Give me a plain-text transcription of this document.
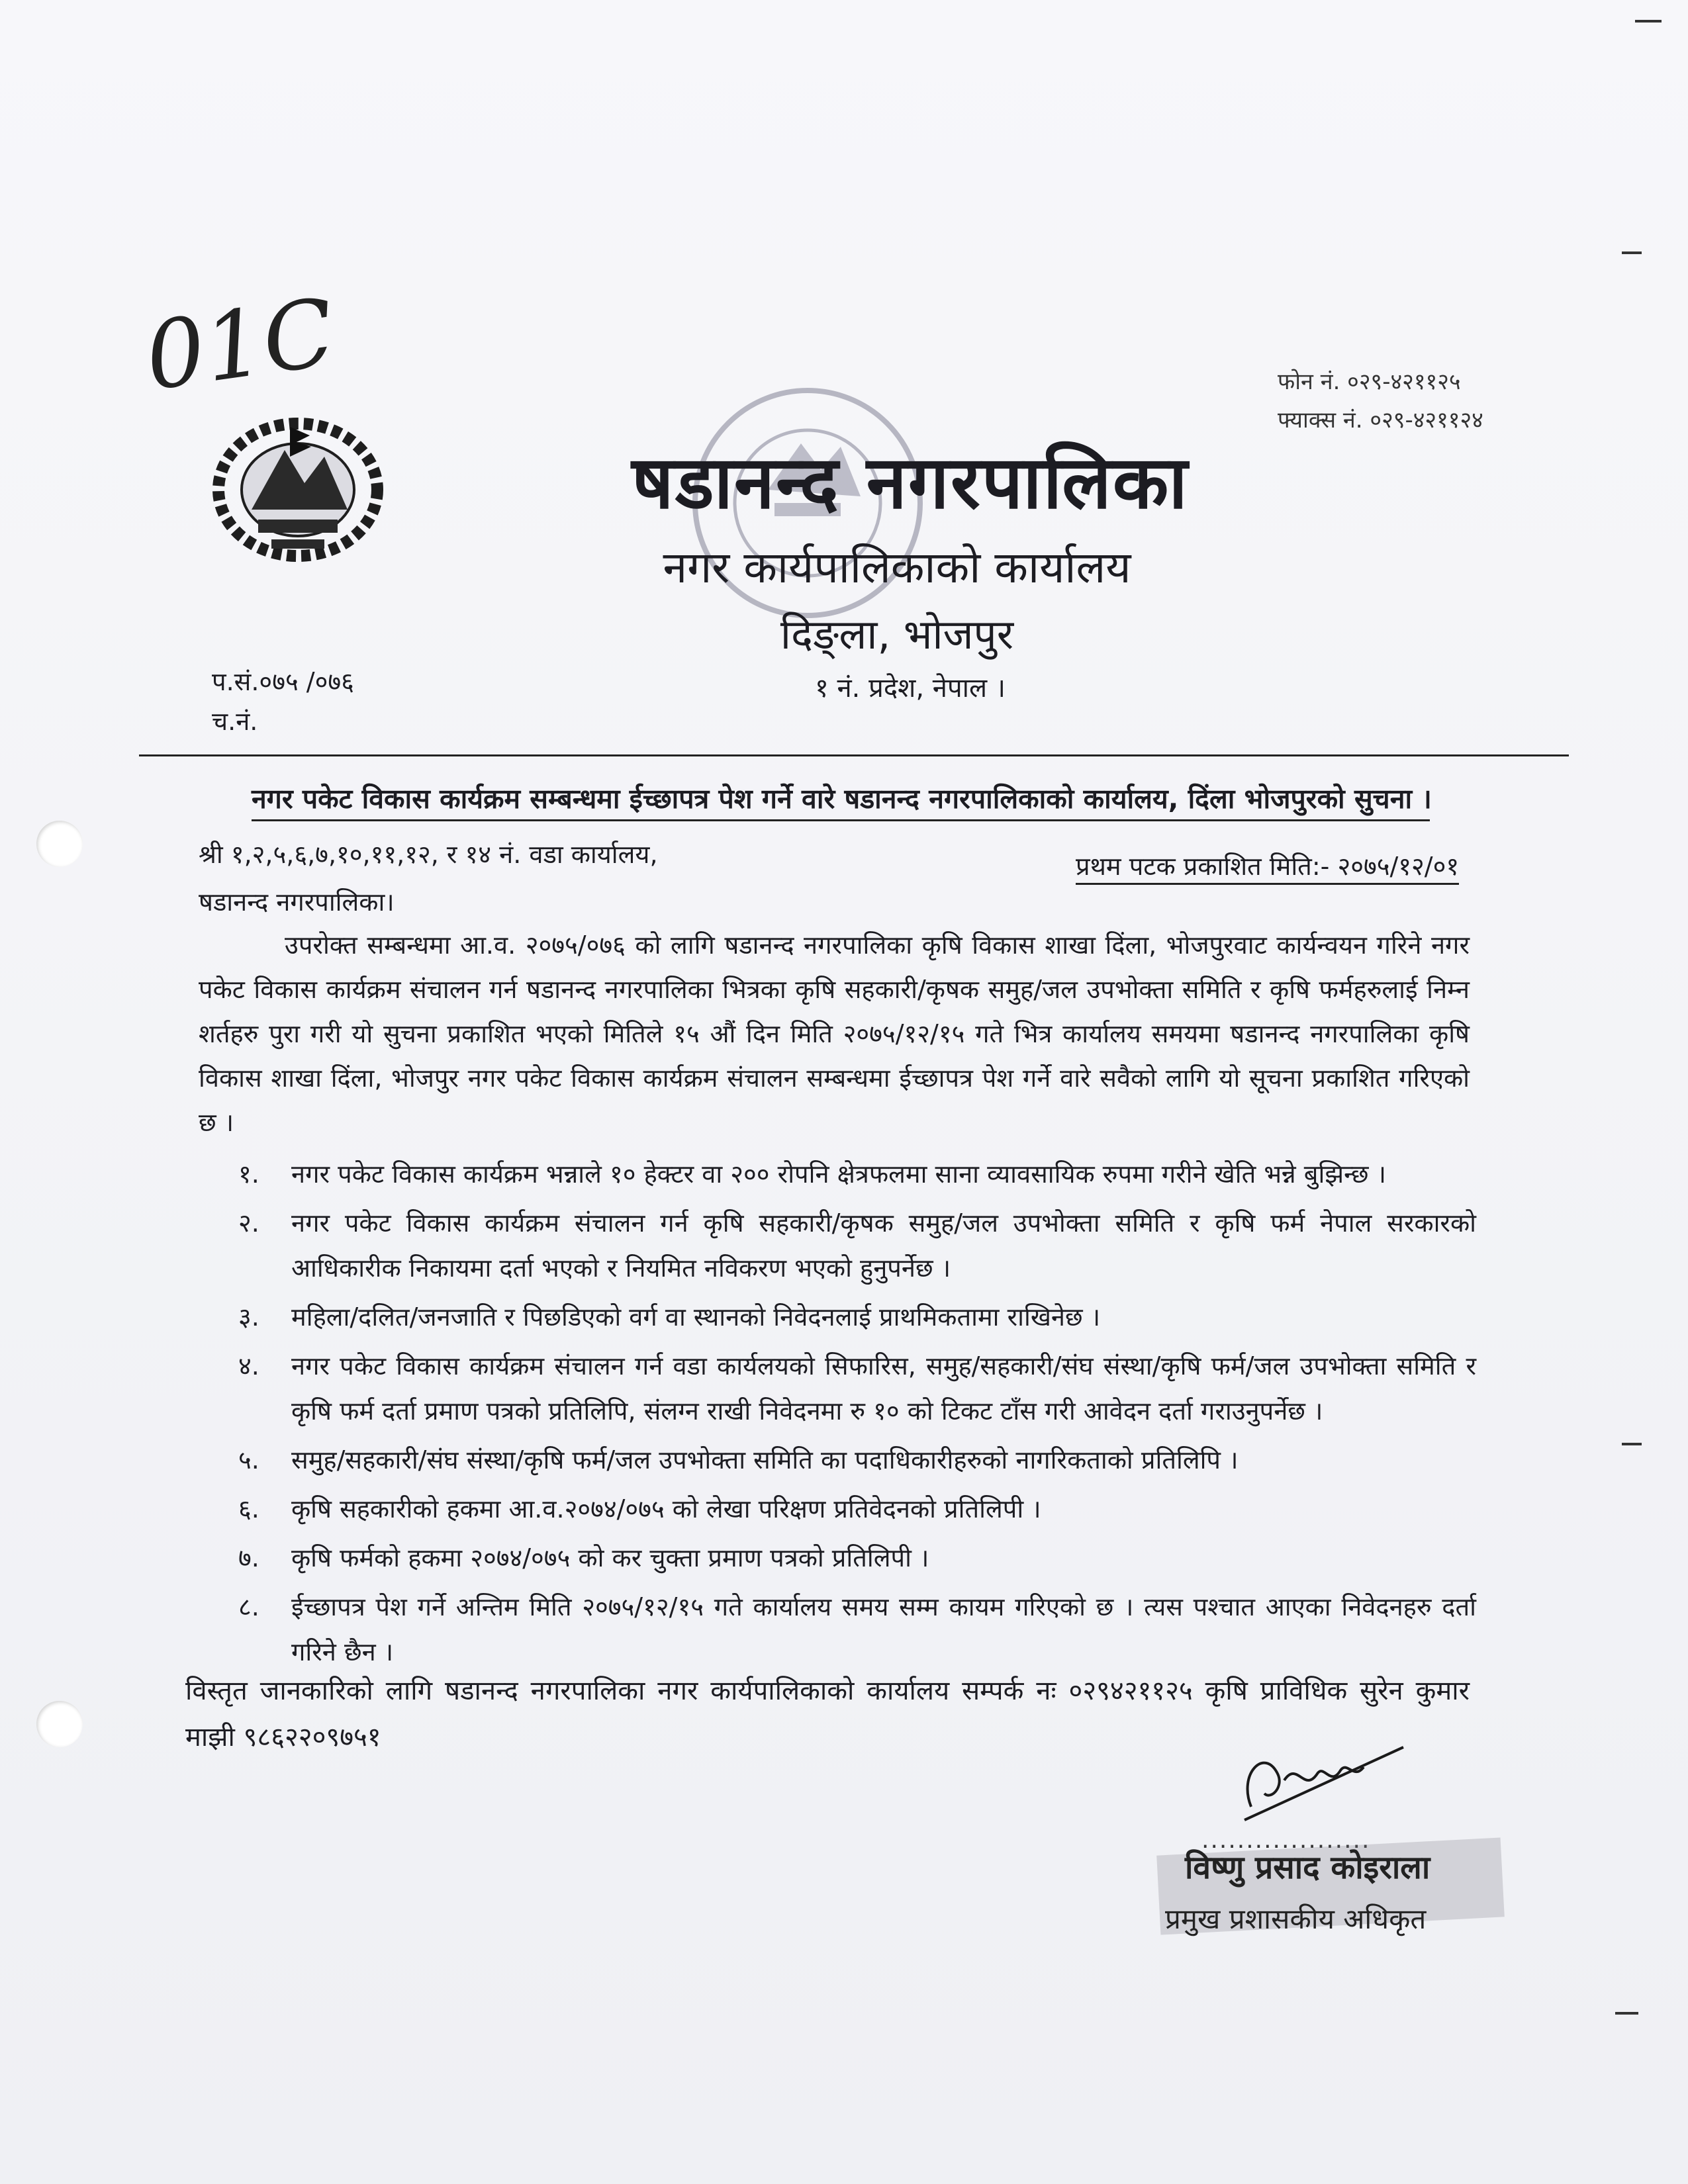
01C	फोन नं. ०२९-४२११२५
फ्याक्स नं. ०२९-४२११२४
षडानन्द नगरपालिका
नगर कार्यपालिकाको कार्यालय
दिङ्ला, भोजपुर
१ नं. प्रदेश, नेपाल ।
प.सं.०७५ /०७६
च.नं.
नगर पकेट विकास कार्यक्रम सम्बन्धमा ईच्छापत्र पेश गर्ने वारे षडानन्द नगरपालिकाको कार्यालय, दिंला भोजपुरको सुचना ।
श्री १,२,५,६,७,१०,११,१२, र १४ नं. वडा कार्यालय,
षडानन्द नगरपालिका।
प्रथम पटक प्रकाशित मिति:- २०७५/१२/०१
उपरोक्त सम्बन्धमा आ.व. २०७५/०७६ को लागि षडानन्द नगरपालिका कृषि विकास शाखा दिंला, भोजपुरवाट कार्यन्वयन गरिने नगर पकेट विकास कार्यक्रम संचालन गर्न षडानन्द नगरपालिका भित्रका कृषि सहकारी/कृषक समुह/जल उपभोक्ता समिति र कृषि फर्महरुलाई निम्न शर्तहरु पुरा गरी यो सुचना प्रकाशित भएको मितिले १५ औं दिन मिति २०७५/१२/१५ गते भित्र कार्यालय समयमा षडानन्द नगरपालिका कृषि विकास शाखा दिंला, भोजपुर नगर पकेट विकास कार्यक्रम संचालन सम्बन्धमा ईच्छापत्र पेश गर्ने वारे सवैको लागि यो सूचना प्रकाशित गरिएको छ ।
१. नगर पकेट विकास कार्यक्रम भन्नाले १० हेक्टर वा २०० रोपनि क्षेत्रफलमा साना व्यावसायिक रुपमा गरीने खेति भन्ने बुझिन्छ ।
२. नगर पकेट विकास कार्यक्रम संचालन गर्न कृषि सहकारी/कृषक समुह/जल उपभोक्ता समिति र कृषि फर्म नेपाल सरकारको आधिकारीक निकायमा दर्ता भएको र नियमित नविकरण भएको हुनुपर्नेछ ।
३. महिला/दलित/जनजाति र पिछडिएको वर्ग वा स्थानको निवेदनलाई प्राथमिकतामा राखिनेछ ।
४. नगर पकेट विकास कार्यक्रम संचालन गर्न वडा कार्यलयको सिफारिस, समुह/सहकारी/संघ संस्था/कृषि फर्म/जल उपभोक्ता समिति र कृषि फर्म दर्ता प्रमाण पत्रको प्रतिलिपि, संलग्न राखी निवेदनमा रु १० को टिकट टाँस गरी आवेदन दर्ता गराउनुपर्नेछ ।
५. समुह/सहकारी/संघ संस्था/कृषि फर्म/जल उपभोक्ता समिति का पदाधिकारीहरुको नागरिकताको प्रतिलिपि ।
६. कृषि सहकारीको हकमा आ.व.२०७४/०७५ को लेखा परिक्षण प्रतिवेदनको प्रतिलिपी ।
७. कृषि फर्मको हकमा २०७४/०७५ को कर चुक्ता प्रमाण पत्रको प्रतिलिपी ।
८. ईच्छापत्र पेश गर्ने अन्तिम मिति २०७५/१२/१५ गते कार्यालय समय सम्म कायम गरिएको छ । त्यस पश्चात आएका निवेदनहरु दर्ता गरिने छैन ।
विस्तृत जानकारिको लागि षडानन्द नगरपालिका नगर कार्यपालिकाको कार्यालय सम्पर्क नः ०२९४२११२५ कृषि प्राविधिक सुरेन कुमार माझी ९८६२२०९७५१
...................
विष्णु प्रसाद कोइराला
प्रमुख प्रशासकीय अधिकृत
